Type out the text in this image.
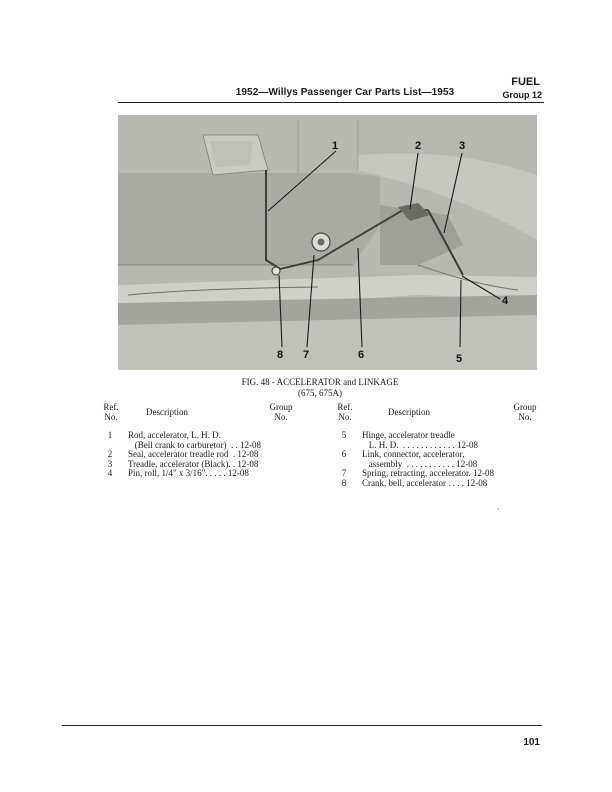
1952—Willys Passenger Car Parts List—1953
FUEL
Group 12
1	2	3
4
5
6
7
8
FIG. 48 - ACCELERATOR and LINKAGE
(675, 675A)
Ref.
No.	Description	Group
No.
1	Rod, accelerator, L. H. D.
(Bell crank to carburetor)  . . 12-08
2	Seal, accelerator treadle rod  . 12-08
3	Treadle, accelerator (Black). . 12-08
4	Pin, roll, 1/4" x 3/16". . . . . 12-08
Ref.
No.	Description	Group
No.
5	Hinge, accelerator treadle
L. H. D.  . . . . . . . . . . . . 12-08
6	Link, connector, accelerator,
assembly  . . . . . . . . . . . 12-08
7	Spring, retracting, accelerator. 12-08
8	Crank, bell, accelerator . . . . 12-08
·
101
